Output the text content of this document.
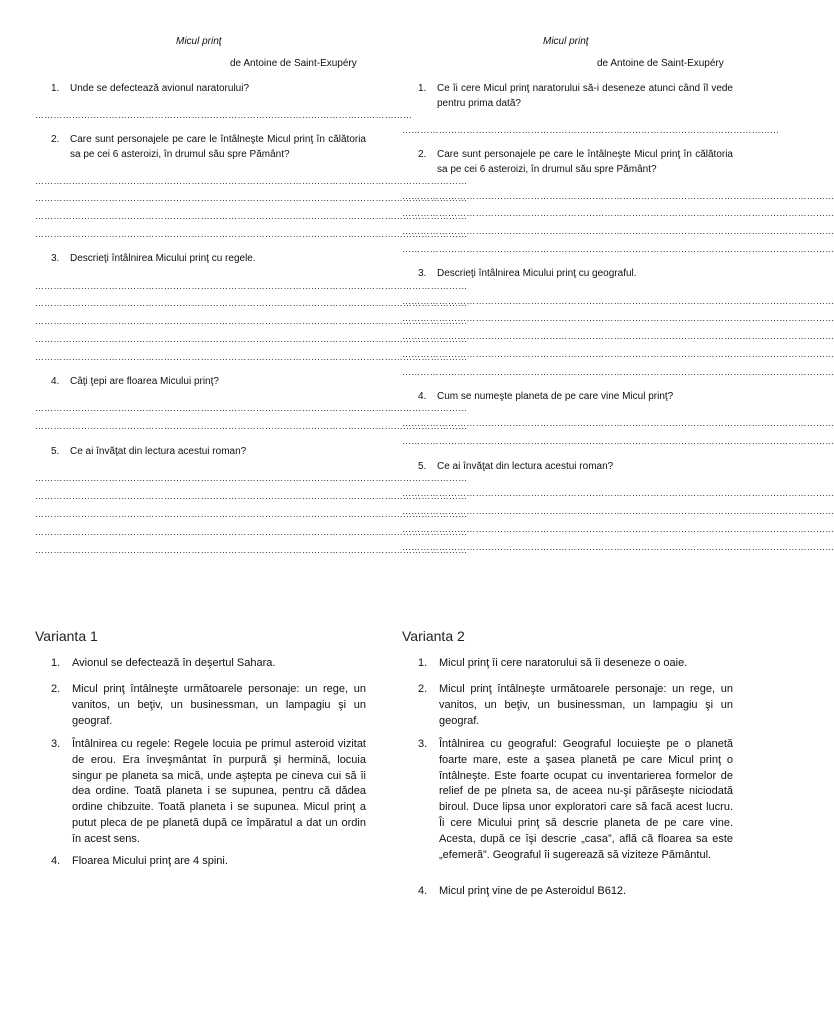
Micul prinţ
de Antoine de Saint-Exupéry
1. Unde se defectează avionul naratorului?
……………………………………………………………………………………………………………
2. Care sunt personajele pe care le întâlneşte Micul prinţ în călătoria sa pe cei 6 asteroizi, în drumul său spre Pământ?
……………………………………………………………………………………………………………………………
……………………………………………………………………………………………………………………………
……………………………………………………………………………………………………………………………
……………………………………………………………………………………………………………………………
3. Descrieţi întâlnirea Micului prinţ cu regele.
……………………………………………………………………………………………………………………………
……………………………………………………………………………………………………………………………
……………………………………………………………………………………………………………………………
……………………………………………………………………………………………………………………………
……………………………………………………………………………………………………………………………
4. Câţi ţepi are floarea Micului prinţ?
……………………………………………………………………………………………………………………………
……………………………………………………………………………………………………………………………
5. Ce ai învăţat din lectura acestui roman?
……………………………………………………………………………………………………………………………
……………………………………………………………………………………………………………………………
……………………………………………………………………………………………………………………………
……………………………………………………………………………………………………………………………
……………………………………………………………………………………………………………………………
Micul prinţ
de Antoine de Saint-Exupéry
1. Ce îi cere Micul prinţ naratorului să-i deseneze atunci când îl vede pentru prima dată?
……………………………………………………………………………………………………………
2. Care sunt personajele pe care le întâlneşte Micul prinţ în călătoria sa pe cei 6 asteroizi, în drumul său spre Pământ?
……………………………………………………………………………………………………………………………
……………………………………………………………………………………………………………………………
……………………………………………………………………………………………………………………………
……………………………………………………………………………………………………………………………
3. Descrieţi întâlnirea Micului prinţ cu geograful.
……………………………………………………………………………………………………………………………
……………………………………………………………………………………………………………………………
……………………………………………………………………………………………………………………………
……………………………………………………………………………………………………………………………
……………………………………………………………………………………………………………………………
4. Cum se numeşte planeta de pe care vine Micul prinţ?
……………………………………………………………………………………………………………………………
……………………………………………………………………………………………………………………………
5. Ce ai învăţat din lectura acestui roman?
……………………………………………………………………………………………………………………………
……………………………………………………………………………………………………………………………
……………………………………………………………………………………………………………………………
……………………………………………………………………………………………………………………………
Varianta 1
1. Avionul se defectează în deşertul Sahara.
2. Micul prinţ întâlneşte următoarele personaje: un rege, un vanitos, un beţiv, un businessman, un lampagiu şi un geograf.
3. Întâlnirea cu regele: Regele locuia pe primul asteroid vizitat de erou. Era înveşmântat în purpură şi hermină, locuia singur pe planeta sa mică, unde aştepta pe cineva cui să îi dea ordine. Toată planeta i se supunea, pentru că dădea ordine chibzuite. Toată planeta i se supunea. Micul prinţ a putut pleca de pe planetă după ce împăratul a dat un ordin în acest sens.
4. Floarea Micului prinţ are 4 spini.
Varianta 2
1. Micul prinţ îi cere naratorului să îi deseneze o oaie.
2. Micul prinţ întâlneşte următoarele personaje: un rege, un vanitos, un beţiv, un businessman, un lampagiu şi un geograf.
3. Întâlnirea cu geograful: Geograful locuieşte pe o planetă foarte mare, este a şasea planetă pe care Micul prinţ o întâlneşte. Este foarte ocupat cu inventarierea formelor de relief de pe plneta sa, de aceea nu-şi părăseşte niciodată biroul. Duce lipsa unor exploratori care să facă acest lucru. Îi cere Micului prinţ să descrie planeta de pe care vine. Acesta, după ce îşi descrie „casa”, află că floarea sa este „efemeră”. Geograful îi sugerează să viziteze Pământul.
4. Micul prinţ vine de pe Asteroidul B612.
